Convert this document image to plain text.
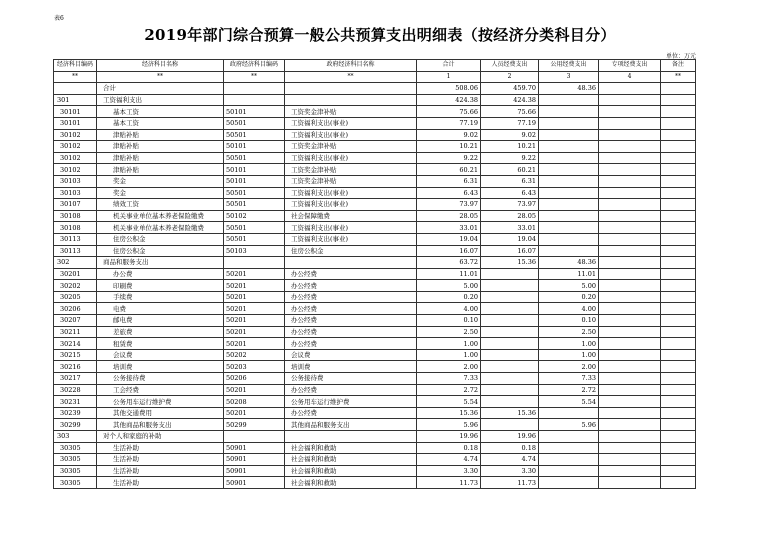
表6
2019年部门综合预算一般公共预算支出明细表（按经济分类科目分）
单位：万元
经济科目编码	经济科目名称	政府经济科目编码	政府经济科目名称	合计	人员经费支出	公用经费支出	专项经费支出	备注
**	**	**	**	1	2	3	4	**
	合计			508.06	459.70	48.36		
301	工资福利支出			424.38	424.38			
30101	基本工资	50101	工资奖金津补贴	75.66	75.66			
30101	基本工资	50501	工资福利支出(事业)	77.19	77.19			
30102	津贴补贴	50501	工资福利支出(事业)	9.02	9.02			
30102	津贴补贴	50101	工资奖金津补贴	10.21	10.21			
30102	津贴补贴	50501	工资福利支出(事业)	9.22	9.22			
30102	津贴补贴	50101	工资奖金津补贴	60.21	60.21			
30103	奖金	50101	工资奖金津补贴	6.31	6.31			
30103	奖金	50501	工资福利支出(事业)	6.43	6.43			
30107	绩效工资	50501	工资福利支出(事业)	73.97	73.97			
30108	机关事业单位基本养老保险缴费	50102	社会保障缴费	28.05	28.05			
30108	机关事业单位基本养老保险缴费	50501	工资福利支出(事业)	33.01	33.01			
30113	住房公积金	50501	工资福利支出(事业)	19.04	19.04			
30113	住房公积金	50103	住房公积金	16.07	16.07			
302	商品和服务支出			63.72	15.36	48.36		
30201	办公费	50201	办公经费	11.01		11.01		
30202	印刷费	50201	办公经费	5.00		5.00		
30205	手续费	50201	办公经费	0.20		0.20		
30206	电费	50201	办公经费	4.00		4.00		
30207	邮电费	50201	办公经费	0.10		0.10		
30211	差旅费	50201	办公经费	2.50		2.50		
30214	租赁费	50201	办公经费	1.00		1.00		
30215	会议费	50202	会议费	1.00		1.00		
30216	培训费	50203	培训费	2.00		2.00		
30217	公务接待费	50206	公务接待费	7.33		7.33		
30228	工会经费	50201	办公经费	2.72		2.72		
30231	公务用车运行维护费	50208	公务用车运行维护费	5.54		5.54		
30239	其他交通费用	50201	办公经费	15.36	15.36			
30299	其他商品和服务支出	50299	其他商品和服务支出	5.96		5.96		
303	对个人和家庭的补助			19.96	19.96			
30305	生活补助	50901	社会福利和救助	0.18	0.18			
30305	生活补助	50901	社会福利和救助	4.74	4.74			
30305	生活补助	50901	社会福利和救助	3.30	3.30			
30305	生活补助	50901	社会福利和救助	11.73	11.73			
